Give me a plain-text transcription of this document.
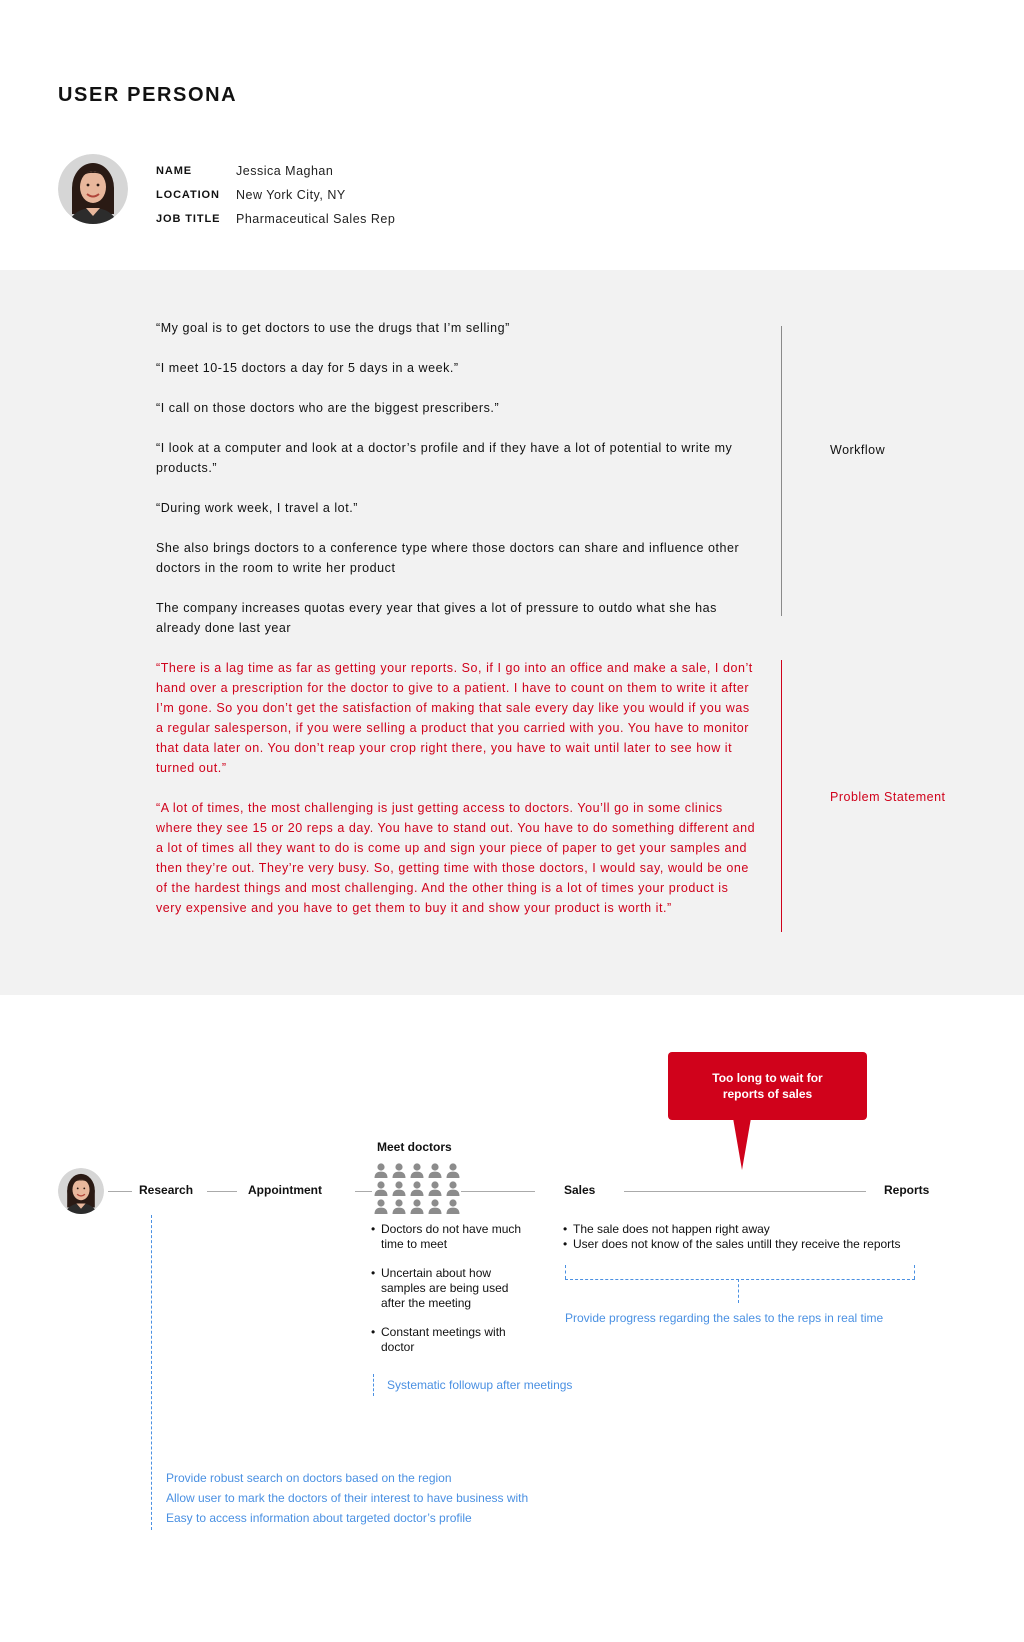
USER PERSONA
NAME	Jessica Maghan
LOCATION	New York City, NY
JOB TITLE	Pharmaceutical Sales Rep
“My goal is to get doctors to use the drugs that I’m selling”
“I meet 10-15 doctors a day for 5 days in a week.”
“I call on those doctors who are the biggest prescribers.”
“I look at a computer and look at a doctor’s profile and if they have a lot of potential to write my products.”
“During work week, I travel a lot.”
She also brings doctors to a conference type where those doctors can share and influence other doctors in the room to write her product
The company increases quotas every year that gives a lot of pressure to outdo what she has already done last year
“There is a lag time as far as getting your reports. So, if I go into an office and make a sale, I don’t hand over a prescription for the doctor to give to a patient. I have to count on them to write it after I’m gone. So you don’t get the satisfaction of making that sale every day like you would if you was a regular salesperson, if you were selling a product that you carried with you. You have to monitor that data later on. You don’t reap your crop right there, you have to wait until later to see how it turned out.”
“A lot of times, the most challenging is just getting access to doctors. You’ll go in some clinics where they see 15 or 20 reps a day. You have to stand out. You have to do something different and a lot of times all they want to do is come up and sign your piece of paper to get your samples and then they’re out. They’re very busy. So, getting time with those doctors, I would say, would be one of the hardest things and most challenging. And the other thing is a lot of times your product is very expensive and you have to get them to buy it and show your product is worth it.”
Workflow
Problem Statement
Too long to wait for
reports of sales
Research	Appointment
Meet doctors
Sales	Reports
• Doctors do not have much time to meet
• Uncertain about how samples are being used after the meeting
• Constant meetings with doctor
• The sale does not happen right away
• User does not know of the sales untill they receive the reports
Provide progress regarding the sales to the reps in real time
Systematic followup after meetings
Provide robust search on doctors based on the region
Allow user to mark the doctors of their interest to have business with
Easy to access information about targeted doctor’s profile
